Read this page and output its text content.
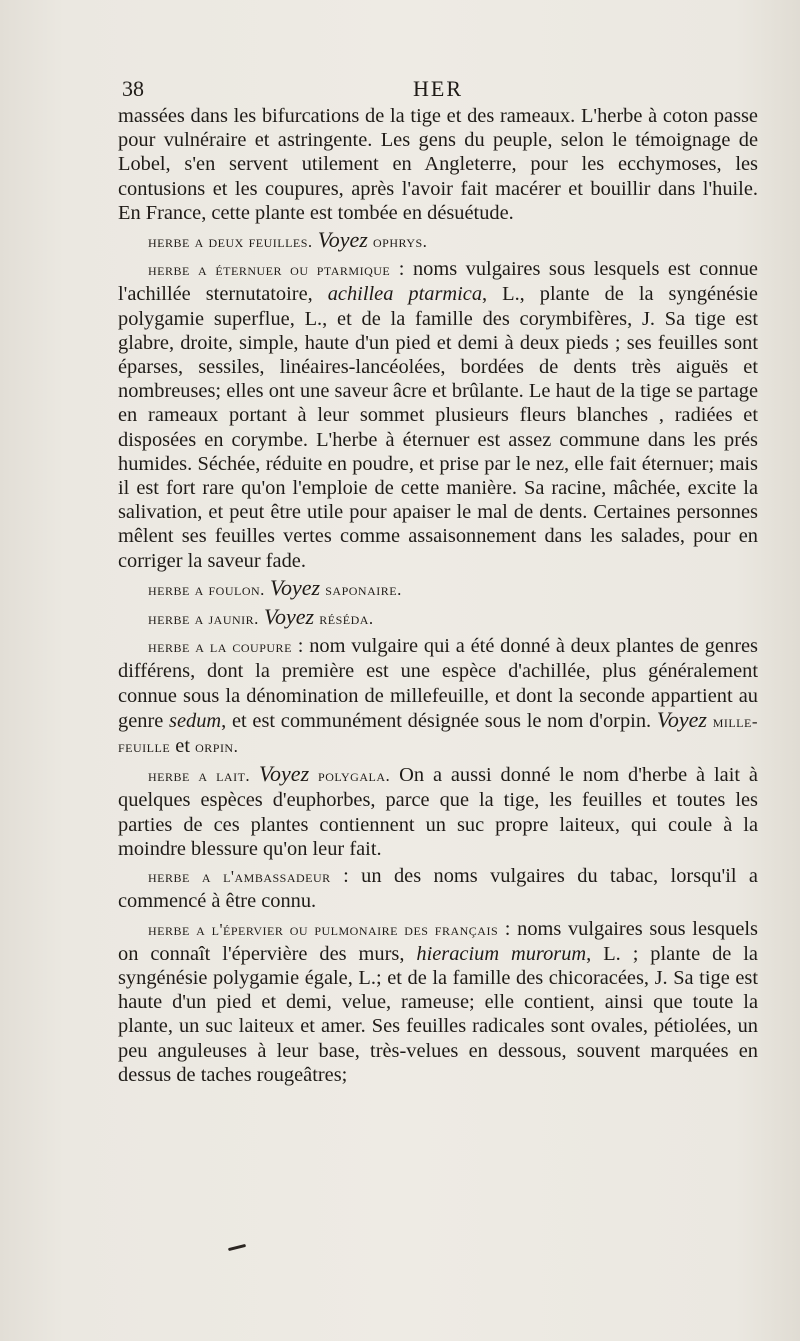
38	HER

massées dans les bifurcations de la tige et des rameaux. L'herbe à coton passe pour vulnéraire et astringente. Les gens du peuple, selon le témoignage de Lobel, s'en servent utilement en Angleterre, pour les ecchymoses, les contusions et les coupures, après l'avoir fait macérer et bouillir dans l'huile. En France, cette plante est tombée en désuétude.

herbe a deux feuilles. Voyez ophrys.

herbe a éternuer ou ptarmique : noms vulgaires sous lesquels est connue l'achillée sternutatoire, achillea ptarmica, L., plante de la syngénésie polygamie superflue, L., et de la famille des corymbifères, J. Sa tige est glabre, droite, simple, haute d'un pied et demi à deux pieds ; ses feuilles sont éparses, sessiles, linéaires-lancéolées, bordées de dents très aiguës et nombreuses; elles ont une saveur âcre et brûlante. Le haut de la tige se partage en rameaux portant à leur sommet plusieurs fleurs blanches , radiées et disposées en corymbe. L'herbe à éternuer est assez commune dans les prés humides. Séchée, réduite en poudre, et prise par le nez, elle fait éternuer; mais il est fort rare qu'on l'emploie de cette manière. Sa racine, mâchée, excite la salivation, et peut être utile pour apaiser le mal de dents. Certaines personnes mêlent ses feuilles vertes comme assaisonnement dans les salades, pour en corriger la saveur fade.

herbe a foulon. Voyez saponaire.

herbe a jaunir. Voyez réséda.

herbe a la coupure : nom vulgaire qui a été donné à deux plantes de genres différens, dont la première est une espèce d'achillée, plus généralement connue sous la dénomination de millefeuille, et dont la seconde appartient au genre sedum, et est communément désignée sous le nom d'orpin. Voyez mille-feuille et orpin.

herbe a lait. Voyez polygala. On a aussi donné le nom d'herbe à lait à quelques espèces d'euphorbes, parce que la tige, les feuilles et toutes les parties de ces plantes contiennent un suc propre laiteux, qui coule à la moindre blessure qu'on leur fait.

herbe a l'ambassadeur : un des noms vulgaires du tabac, lorsqu'il a commencé à être connu.

herbe a l'épervier ou pulmonaire des français : noms vulgaires sous lesquels on connaît l'épervière des murs, hieracium murorum, L. ; plante de la syngénésie polygamie égale, L.; et de la famille des chicoracées, J. Sa tige est haute d'un pied et demi, velue, rameuse; elle contient, ainsi que toute la plante, un suc laiteux et amer. Ses feuilles radicales sont ovales, pétiolées, un peu anguleuses à leur base, très-velues en dessous, souvent marquées en dessus de taches rougeâtres;
